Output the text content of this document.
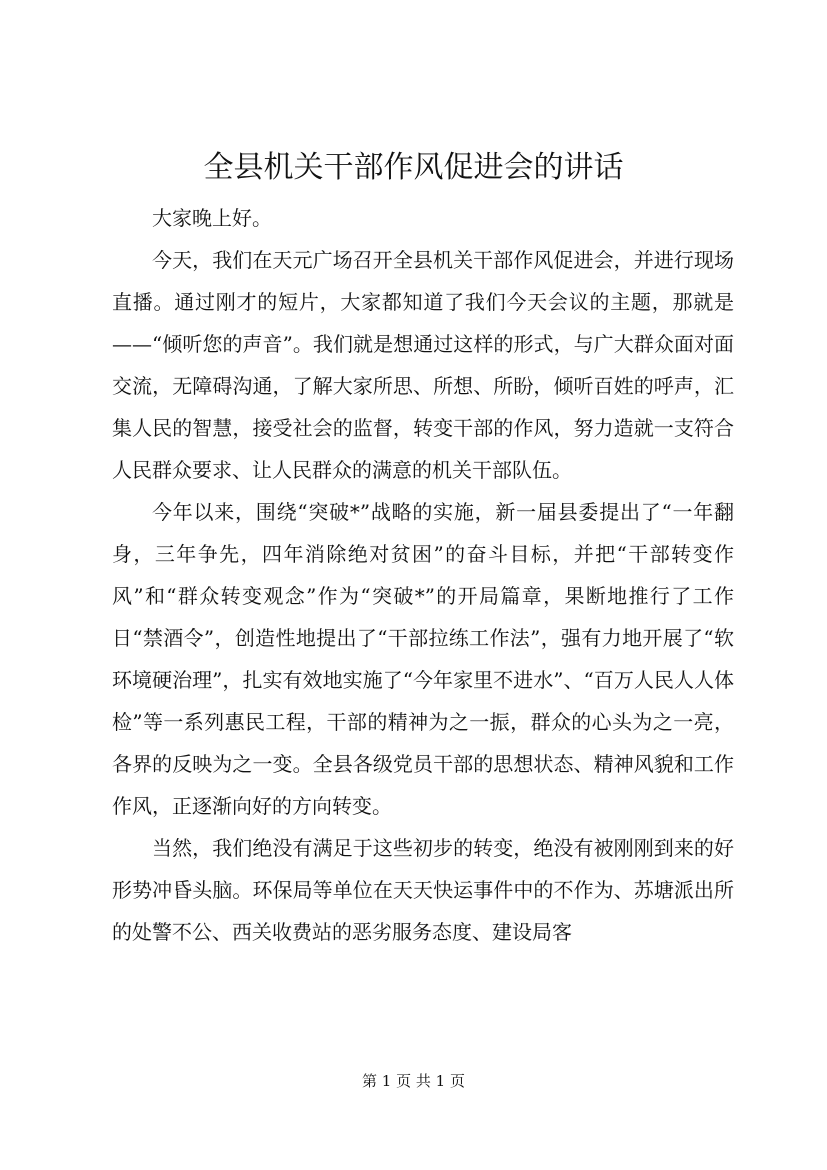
全县机关干部作风促进会的讲话

大家晚上好。

今天，我们在天元广场召开全县机关干部作风促进会，并进行现场直播。通过刚才的短片，大家都知道了我们今天会议的主题，那就是——“倾听您的声音”。我们就是想通过这样的形式，与广大群众面对面交流，无障碍沟通，了解大家所思、所想、所盼，倾听百姓的呼声，汇集人民的智慧，接受社会的监督，转变干部的作风，努力造就一支符合人民群众要求、让人民群众的满意的机关干部队伍。

今年以来，围绕“突破*”战略的实施，新一届县委提出了“一年翻身，三年争先，四年消除绝对贫困”的奋斗目标，并把“干部转变作风”和“群众转变观念”作为“突破*”的开局篇章，果断地推行了工作日“禁酒令”，创造性地提出了“干部拉练工作法”，强有力地开展了“软环境硬治理”，扎实有效地实施了“今年家里不进水”、“百万人民人人体检”等一系列惠民工程，干部的精神为之一振，群众的心头为之一亮，各界的反映为之一变。全县各级党员干部的思想状态、精神风貌和工作作风，正逐渐向好的方向转变。

当然，我们绝没有满足于这些初步的转变，绝没有被刚刚到来的好形势冲昏头脑。环保局等单位在天天快运事件中的不作为、苏塘派出所的处警不公、西关收费站的恶劣服务态度、建设局客

第 1 页 共 1 页
